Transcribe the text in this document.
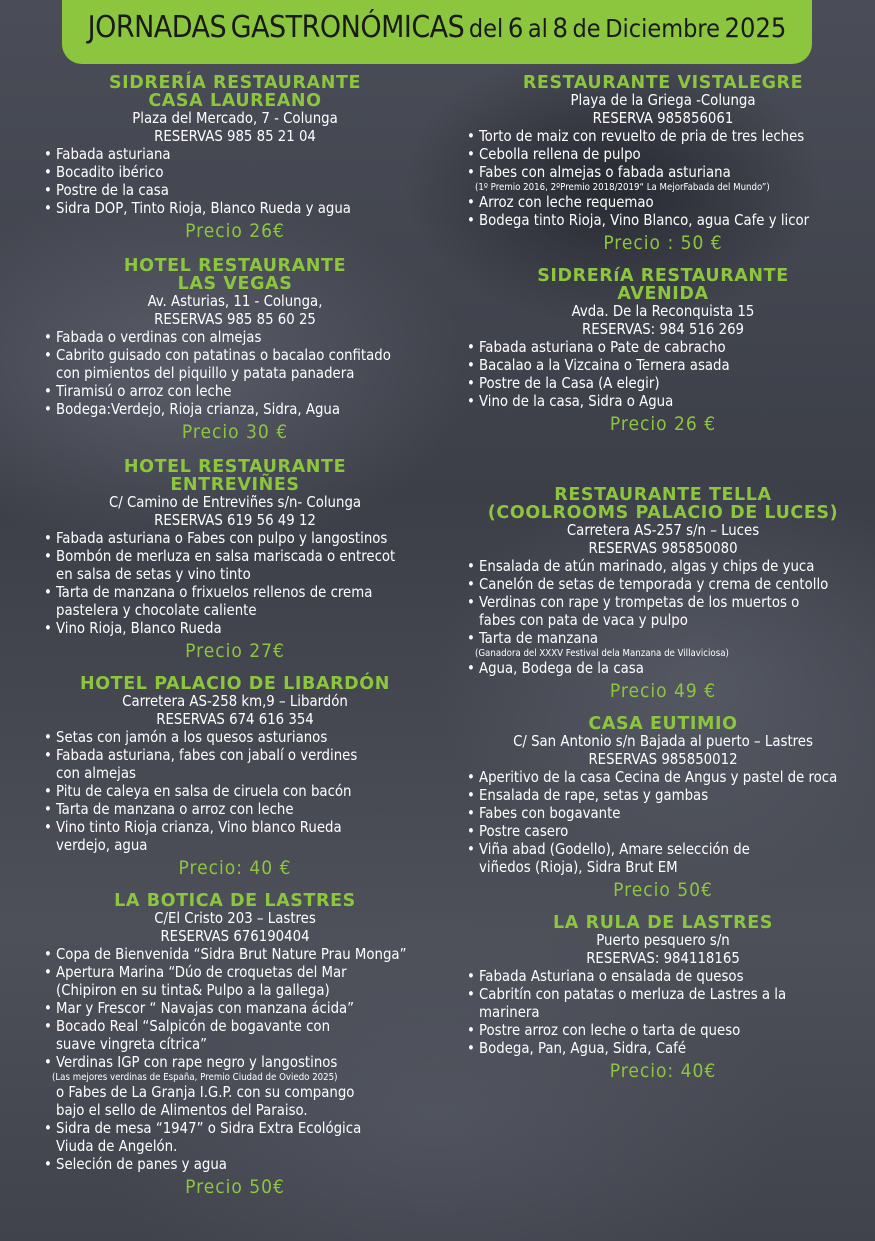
JORNADAS GASTRONÓMICAS del 6 al 8 de Diciembre 2025
SIDRERÍA RESTAURANTE
CASA LAUREANO
Plaza del Mercado, 7 - Colunga
RESERVAS 985 85 21 04
• Fabada asturiana
• Bocadito ibérico
• Postre de la casa
• Sidra DOP, Tinto Rioja, Blanco Rueda y agua
Precio 26€
HOTEL RESTAURANTE
LAS VEGAS
Av. Asturias, 11 - Colunga,
RESERVAS 985 85 60 25
• Fabada o verdinas con almejas
• Cabrito guisado con patatinas o bacalao confitado
con pimientos del piquillo y patata panadera
• Tiramisú o arroz con leche
• Bodega:Verdejo, Rioja crianza, Sidra, Agua
Precio 30 €
HOTEL RESTAURANTE
ENTREVIÑES
C/ Camino de Entreviñes s/n- Colunga
RESERVAS 619 56 49 12
• Fabada asturiana o Fabes con pulpo y langostinos
• Bombón de merluza en salsa mariscada o entrecot
en salsa de setas y vino tinto
• Tarta de manzana o frixuelos rellenos de crema
pastelera y chocolate caliente
• Vino Rioja, Blanco Rueda
Precio 27€
HOTEL PALACIO DE LIBARDÓN
Carretera AS-258 km,9 – Libardón
RESERVAS 674 616 354
• Setas con jamón a los quesos asturianos
• Fabada asturiana, fabes con jabalí o verdines
con almejas
• Pitu de caleya en salsa de ciruela con bacón
• Tarta de manzana o arroz con leche
• Vino tinto Rioja crianza, Vino blanco Rueda
verdejo, agua
Precio: 40 €
LA BOTICA DE LASTRES
C/El Cristo 203 – Lastres
RESERVAS 676190404
• Copa de Bienvenida “Sidra Brut Nature Prau Monga”
• Apertura Marina “Dúo de croquetas del Mar
(Chipiron en su tinta& Pulpo a la gallega)
• Mar y Frescor “ Navajas con manzana ácida”
• Bocado Real “Salpicón de bogavante con
suave vingreta cítrica”
• Verdinas IGP con rape negro y langostinos
(Las mejores verdinas de España, Premio Ciudad de Oviedo 2025)
o Fabes de La Granja I.G.P. con su compango
bajo el sello de Alimentos del Paraiso.
• Sidra de mesa “1947” o Sidra Extra Ecológica
Viuda de Angelón.
• Seleción de panes y agua
Precio 50€
RESTAURANTE VISTALEGRE
Playa de la Griega -Colunga
RESERVA 985856061
• Torto de maiz con revuelto de pria de tres leches
• Cebolla rellena de pulpo
• Fabes con almejas o fabada asturiana
(1º Premio 2016, 2ºPremio 2018/2019“ La MejorFabada del Mundo”)
• Arroz con leche requemao
• Bodega tinto Rioja, Vino Blanco, agua Cafe y licor
Precio : 50 €
SIDRERíA RESTAURANTE
AVENIDA
Avda. De la Reconquista 15
RESERVAS: 984 516 269
• Fabada asturiana o Pate de cabracho
• Bacalao a la Vizcaina o Ternera asada
• Postre de la Casa (A elegir)
• Vino de la casa, Sidra o Agua
Precio 26 €
RESTAURANTE TELLA
(COOLROOMS PALACIO DE LUCES)
Carretera AS-257 s/n – Luces
RESERVAS 985850080
• Ensalada de atún marinado, algas y chips de yuca
• Canelón de setas de temporada y crema de centollo
• Verdinas con rape y trompetas de los muertos o
fabes con pata de vaca y pulpo
• Tarta de manzana
(Ganadora del XXXV Festival dela Manzana de Villaviciosa)
• Agua, Bodega de la casa
Precio 49 €
CASA EUTIMIO
C/ San Antonio s/n Bajada al puerto – Lastres
RESERVAS 985850012
• Aperitivo de la casa Cecina de Angus y pastel de roca
• Ensalada de rape, setas y gambas
• Fabes con bogavante
• Postre casero
• Viña abad (Godello), Amare selección de
viñedos (Rioja), Sidra Brut EM
Precio 50€
LA RULA DE LASTRES
Puerto pesquero s/n
RESERVAS: 984118165
• Fabada Asturiana o ensalada de quesos
• Cabritín con patatas o merluza de Lastres a la
marinera
• Postre arroz con leche o tarta de queso
• Bodega, Pan, Agua, Sidra, Café
Precio: 40€
